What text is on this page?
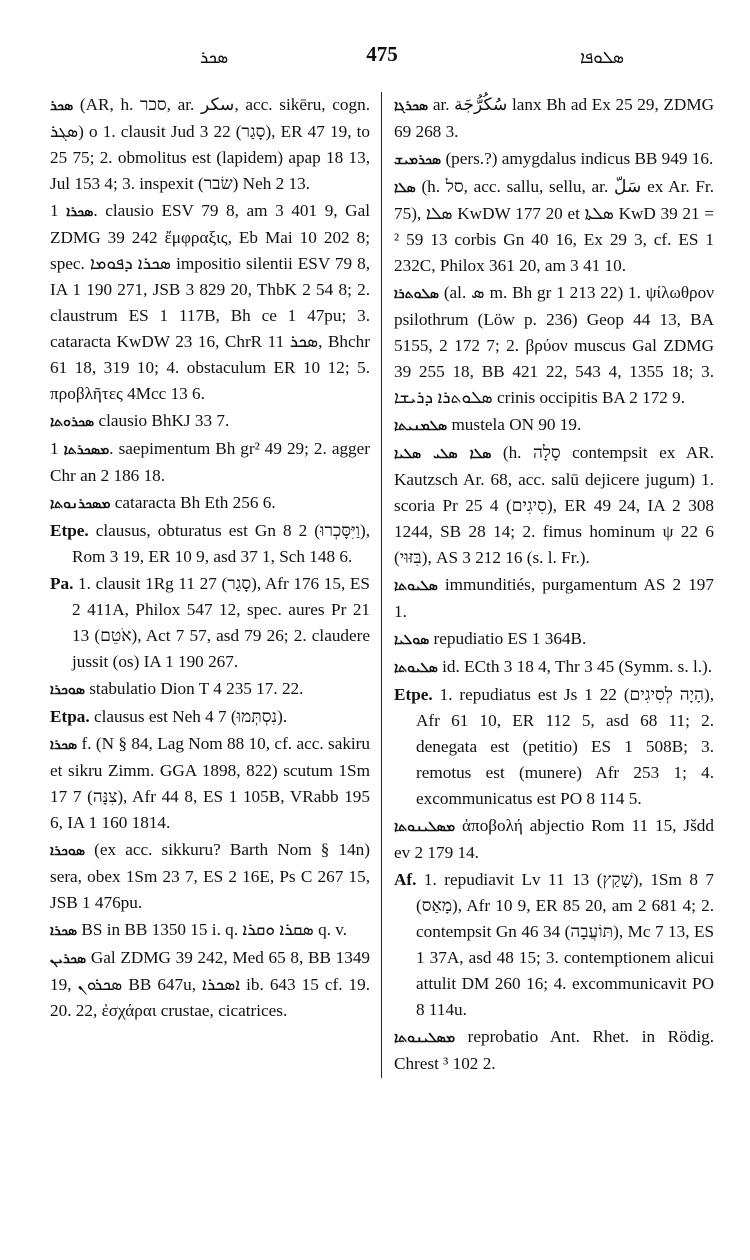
ܣܟܪ	475	ܣܠܘܦܐ

ܣܟܪ (AR, h. סכר, ar. سكر, acc. sikēru, cogn. ܣܓܪ) o 1. clausit Jud 3 22 (סָגַר), ER 47 19, to 25 75; 2. obmolitus est (lapidem) apap 18 13, Jul 153 4; 3. inspexit (שׂבר) Neh 2 13.

ܣܟܪܐ 1. clausio ESV 79 8, am 3 401 9, Gal ZDMG 39 242 ἔμφραξις, Eb Mai 10 202 8; spec. ܣܟܪܐ ܕܦܘܡܐ impositio silentii ESV 79 8, IA 1 190 271, JSB 3 829 20, ThbK 2 54 8; 2. claustrum ES 1 117B, Bh ce 1 47pu; 3. cataracta KwDW 23 16, ChrR ܣܟܪ 11, Bhchr 61 18, 319 10; 4. obstaculum ER 10 12; 5. προβλῆτες 4Mcc 13 6.

ܣܟܪܘܬܐ clausio BhKJ 33 7.

ܡܣܟܪܬܐ 1. saepimentum Bh gr² 49 29; 2. agger Chr an 2 186 18.

ܡܣܟܪܢܘܬܐ cataracta Bh Eth 256 6.

Etpe. clausus, obturatus est Gn 8 2 (וַיִּסָּכְרוּ), Rom 3 19, ER 10 9, asd 37 1, Sch 148 6.

Pa. 1. clausit 1Rg 11 27 (סָגַר), Afr 176 15, ES 2 411A, Philox 547 12, spec. aures Pr 21 13 (אֹטֵם), Act 7 57, asd 79 26; 2. claudere jussit (os) IA 1 190 267.

ܣܘܟܪܐ stabulatio Dion T 4 235 17. 22.

Etpa. clausus est Neh 4 7 (נִסְתְּמוּ).

ܣܟܪܐ f. (N § 84, Lag Nom 88 10, cf. acc. sakiru et sikru Zimm. GGA 1898, 822) scutum 1Sm 17 7 (צִנָּה), Afr 44 8, ES 1 105B, VRabb 195 6, IA 1 160 1814.

ܣܘܟܪܐ (ex acc. sikkuru? Barth Nom § 14n) sera, obex 1Sm 23 7, ES 2 16E, Ps C 267 15, JSB 1 476pu.

ܣܟܪܐ BS in BB 1350 15 i. q. ܣܩܪܐ ܘܩܪܐ q. v.

ܣܟܪܝܢ Gal ZDMG 39 242, Med 65 8, BB 1349 19, ܣܟܪܘܢ BB 647u, ܐܣܟܪܐ ib. 643 15 cf. 19. 20. 22, ἐσχάραι crustae, cicatrices.

ܣܟܪܓܐ ar. سُكُرُّجَة lanx Bh ad Ex 25 29, ZDMG 69 268 3.

ܣܟܪܡܝܫ (pers.?) amygdalus indicus BB 949 16.

ܣܠܐ (h. סל, acc. sallu, sellu, ar. سَلّ ex Ar. Fr. 75), ܣܠܐ KwDW 177 20 et ܣܠܬܐ KwD 39 21 = ² 59 13 corbis Gn 40 16, Ex 29 3, cf. ES 1 232C, Philox 361 20, am 3 41 10.

ܣܠܘܬܪܐ (al. ܣ m. Bh gr 1 213 22) 1. ψίλωθρον psilothrum (Löw p. 236) Geop 44 13, BA 5155, 2 172 7; 2. βρύον muscus Gal ZDMG 39 255 18, BB 421 22, 543 4, 1355 18; 3. ܣܠܘܬܪܐ ܕܪܝܫܐ crinis occipitis BA 2 172 9.

ܣܠܡܢܝܬܐ mustela ON 90 19.

ܣܠܐ ܣܠܝ ܣܠܝܐ (h. סָלָה contempsit ex AR. Kautzsch Ar. 68, acc. salū dejicere jugum) 1. scoria Pr 25 4 (סִיגִים), ER 49 24, IA 2 308 1244, SB 28 14; 2. fimus hominum ψ 22 6 (בִּזּוּי), AS 3 212 16 (s. l. Fr.).

ܣܠܝܘܬܐ immunditiés, purgamentum AS 2 197 1.

ܣܘܠܝܐ repudiatio ES 1 364B.

ܣܠܝܘܬܐ id. ECth 3 18 4, Thr 3 45 (Symm. s. l.).

Etpe. 1. repudiatus est Js 1 22 (הָיָה לְסִיגִים), Afr 61 10, ER 112 5, asd 68 11; 2. denegata est (petitio) ES 1 508B; 3. remotus est (munere) Afr 253 1; 4. excommunicatus est PO 8 114 5.

ܡܣܠܝܢܘܬܐ ἀποβολή abjectio Rom 11 15, Jšdd ev 2 179 14.

Af. 1. repudiavit Lv 11 13 (שָׁקַץ), 1Sm 8 7 (מָאַס), Afr 10 9, ER 85 20, am 2 681 4; 2. contempsit Gn 46 34 (תּוֹעֲבָה), Mc 7 13, ES 1 37A, asd 48 15; 3. contemptionem alicui attulit DM 260 16; 4. excommunicavit PO 8 114u.

ܡܣܠܝܢܘܬܐ reprobatio Ant. Rhet. in Rödig. Chrest ³ 102 2.
